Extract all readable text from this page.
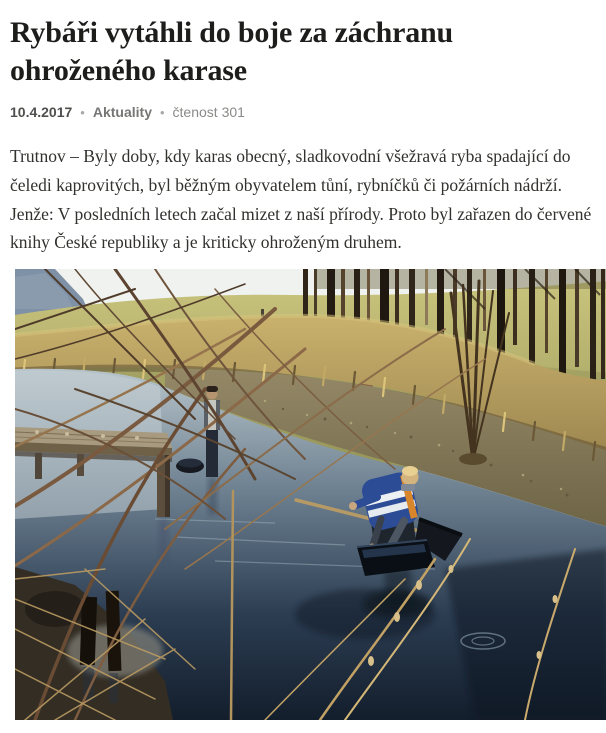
Rybáři vytáhli do boje za záchranu ohroženého karase
10.4.2017 • Aktuality • čtenost 301

Trutnov – Byly doby, kdy karas obecný, sladkovodní všežravá ryba spadající do čeledi kaprovitých, byl běžným obyvatelem tůní, rybníčků či požárních nádrží. Jenže: V posledních letech začal mizet z naší přírody. Proto byl zařazen do červené knihy České republiky a je kriticky ohroženým druhem.
